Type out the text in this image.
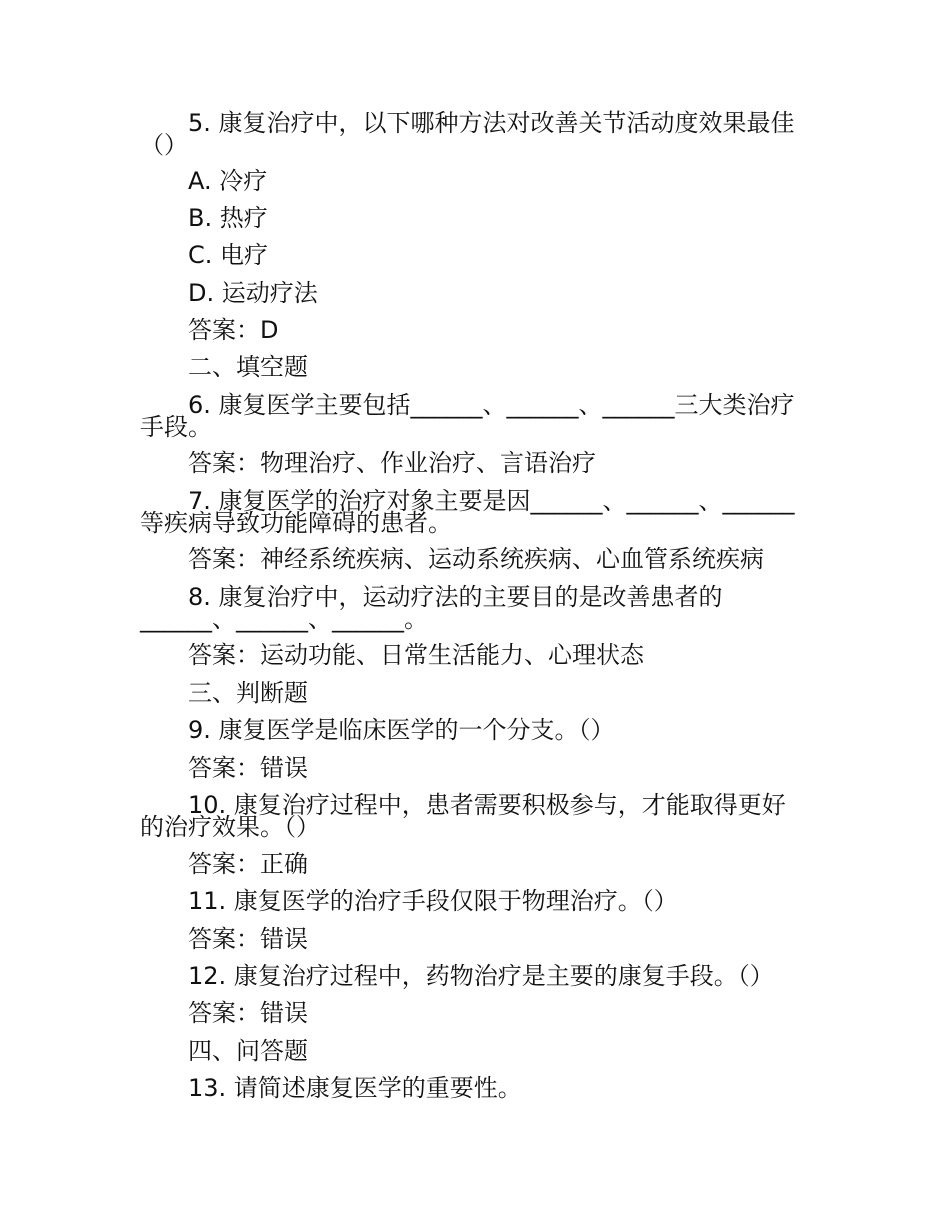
5. 康复治疗中，以下哪种方法对改善关节活动度效果最佳
（）
A. 冷疗
B. 热疗
C. 电疗
D. 运动疗法
答案：D
二、填空题
6. 康复医学主要包括______、______、______三大类治疗
手段。
答案：物理治疗、作业治疗、言语治疗
7. 康复医学的治疗对象主要是因______、______、______
等疾病导致功能障碍的患者。
答案：神经系统疾病、运动系统疾病、心血管系统疾病
8. 康复治疗中，运动疗法的主要目的是改善患者的
______、______、______。
答案：运动功能、日常生活能力、心理状态
三、判断题
9. 康复医学是临床医学的一个分支。（）
答案：错误
10. 康复治疗过程中，患者需要积极参与，才能取得更好
的治疗效果。（）
答案：正确
11. 康复医学的治疗手段仅限于物理治疗。（）
答案：错误
12. 康复治疗过程中，药物治疗是主要的康复手段。（）
答案：错误
四、问答题
13. 请简述康复医学的重要性。
